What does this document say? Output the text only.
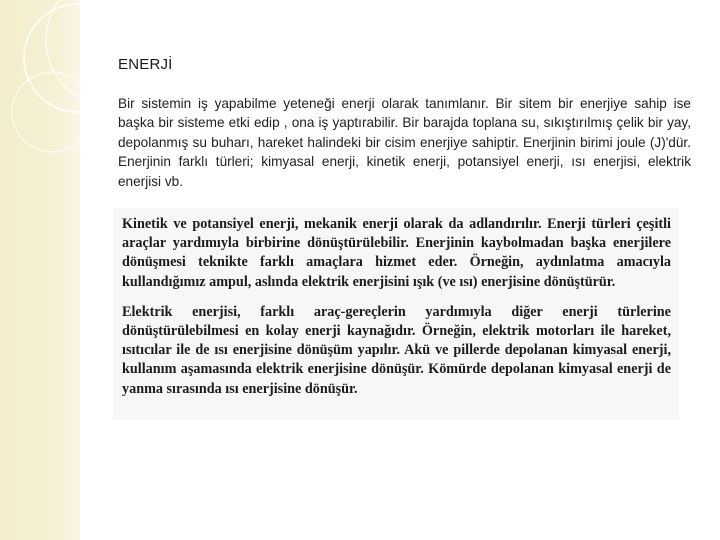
ENERJİ

Bir sistemin iş yapabilme yeteneği enerji olarak tanımlanır. Bir sitem bir enerjiye sahip ise başka bir sisteme etki edip , ona iş yaptırabilir. Bir barajda toplana su, sıkıştırılmış çelik bir yay, depolanmış su buharı, hareket halindeki bir cisim enerjiye sahiptir. Enerjinin birimi joule (J)'dür. Enerjinin farklı türleri; kimyasal enerji, kinetik enerji, potansiyel enerji, ısı enerjisi, elektrik enerjisi vb.

Kinetik ve potansiyel enerji, mekanik enerji olarak da adlandırılır. Enerji türleri çeşitli araçlar yardımıyla birbirine dönüştürülebilir. Enerjinin kaybolmadan başka enerjilere dönüşmesi teknikte farklı amaçlara hizmet eder. Örneğin, aydınlatma amacıyla kullandığımız ampul, aslında elektrik enerjisini ışık (ve ısı) enerjisine dönüştürür.

Elektrik enerjisi, farklı araç-gereçlerin yardımıyla diğer enerji türlerine dönüştürülebilmesi en kolay enerji kaynağıdır. Örneğin, elektrik motorları ile hareket, ısıtıcılar ile de ısı enerjisine dönüşüm yapılır. Akü ve pillerde depolanan kimyasal enerji, kullanım aşamasında elektrik enerjisine dönüşür. Kömürde depolanan kimyasal enerji de yanma sırasında ısı enerjisine dönüşür.
